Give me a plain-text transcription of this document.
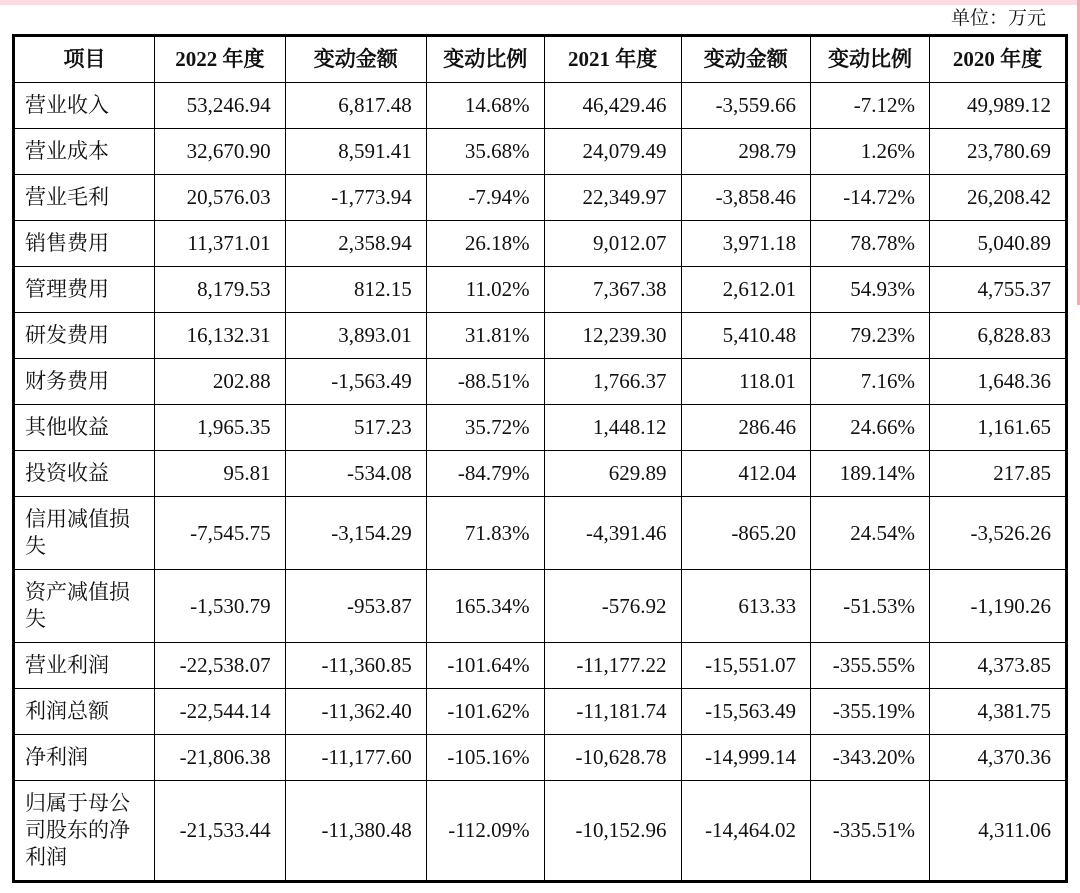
单位：万元
项目	2022 年度	变动金额	变动比例	2021 年度	变动金额	变动比例	2020 年度
营业收入	53,246.94	6,817.48	14.68%	46,429.46	-3,559.66	-7.12%	49,989.12
营业成本	32,670.90	8,591.41	35.68%	24,079.49	298.79	1.26%	23,780.69
营业毛利	20,576.03	-1,773.94	-7.94%	22,349.97	-3,858.46	-14.72%	26,208.42
销售费用	11,371.01	2,358.94	26.18%	9,012.07	3,971.18	78.78%	5,040.89
管理费用	8,179.53	812.15	11.02%	7,367.38	2,612.01	54.93%	4,755.37
研发费用	16,132.31	3,893.01	31.81%	12,239.30	5,410.48	79.23%	6,828.83
财务费用	202.88	-1,563.49	-88.51%	1,766.37	118.01	7.16%	1,648.36
其他收益	1,965.35	517.23	35.72%	1,448.12	286.46	24.66%	1,161.65
投资收益	95.81	-534.08	-84.79%	629.89	412.04	189.14%	217.85
信用减值损失	-7,545.75	-3,154.29	71.83%	-4,391.46	-865.20	24.54%	-3,526.26
资产减值损失	-1,530.79	-953.87	165.34%	-576.92	613.33	-51.53%	-1,190.26
营业利润	-22,538.07	-11,360.85	-101.64%	-11,177.22	-15,551.07	-355.55%	4,373.85
利润总额	-22,544.14	-11,362.40	-101.62%	-11,181.74	-15,563.49	-355.19%	4,381.75
净利润	-21,806.38	-11,177.60	-105.16%	-10,628.78	-14,999.14	-343.20%	4,370.36
归属于母公司股东的净利润	-21,533.44	-11,380.48	-112.09%	-10,152.96	-14,464.02	-335.51%	4,311.06
